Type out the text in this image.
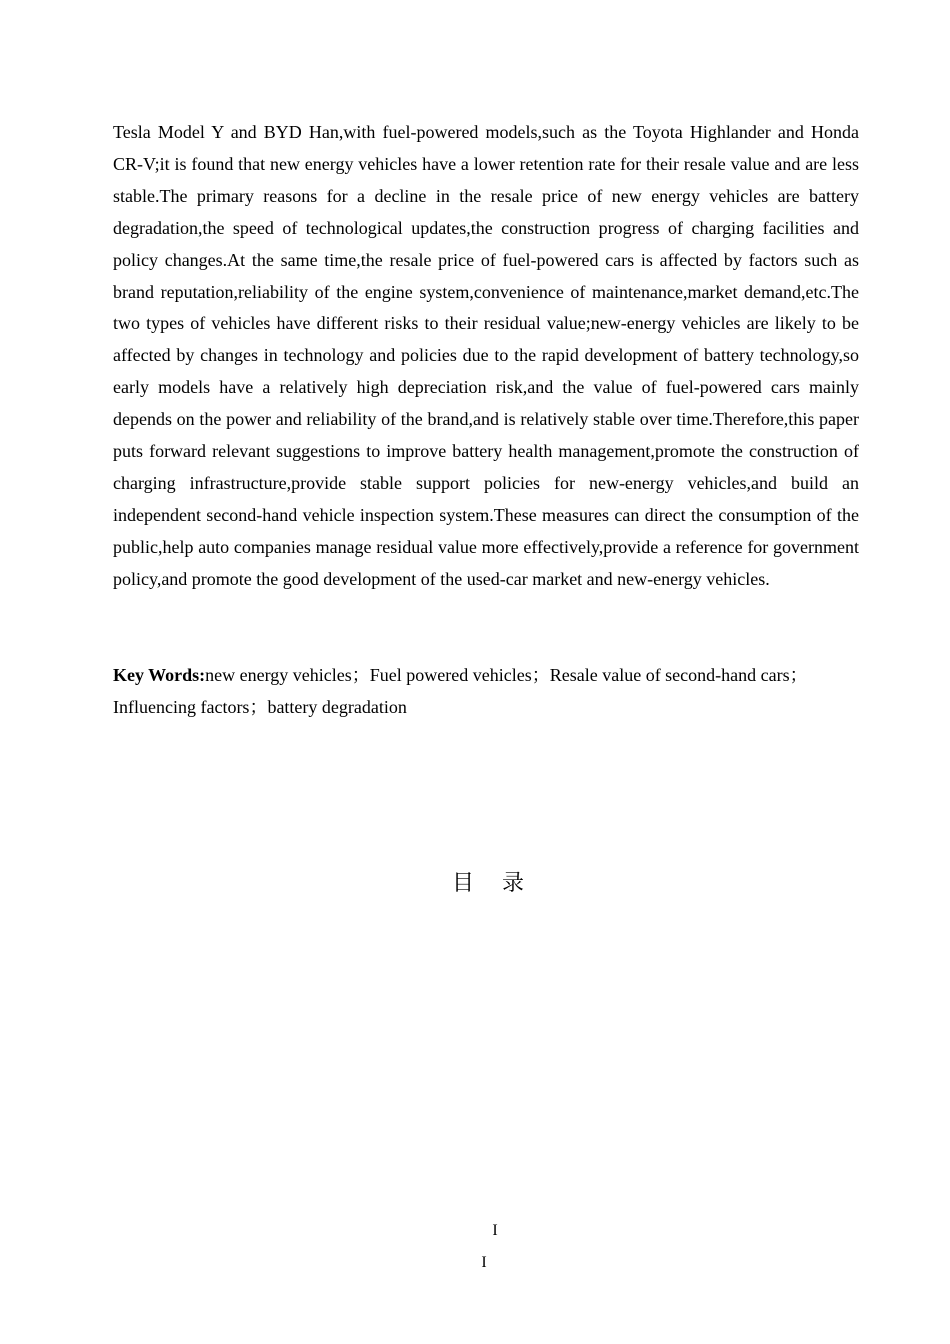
Tesla Model Y and BYD Han,with fuel-powered models,such as the Toyota Highlander and Honda CR-V;it is found that new energy vehicles have a lower retention rate for their resale value and are less stable.The primary reasons for a decline in the resale price of new energy vehicles are battery degradation,the speed of technological updates,the construction progress of charging facilities and policy changes.At the same time,the resale price of fuel-powered cars is affected by factors such as brand reputation,reliability of the engine system,convenience of maintenance,market demand,etc.The two types of vehicles have different risks to their residual value;new-energy vehicles are likely to be affected by changes in technology and policies due to the rapid development of battery technology,so early models have a relatively high depreciation risk,and the value of fuel-powered cars mainly depends on the power and reliability of the brand,and is relatively stable over time.Therefore,this paper puts forward relevant suggestions to improve battery health management,promote the construction of charging infrastructure,provide stable support policies for new-energy vehicles,and build an independent second-hand vehicle inspection system.These measures can direct the consumption of the public,help auto companies manage residual value more effectively,provide a reference for government policy,and promote the good development of the used-car market and new-energy vehicles.

Key Words:new energy vehicles；Fuel powered vehicles；Resale value of second-hand cars；Influencing factors；battery degradation

目    录
I
I
